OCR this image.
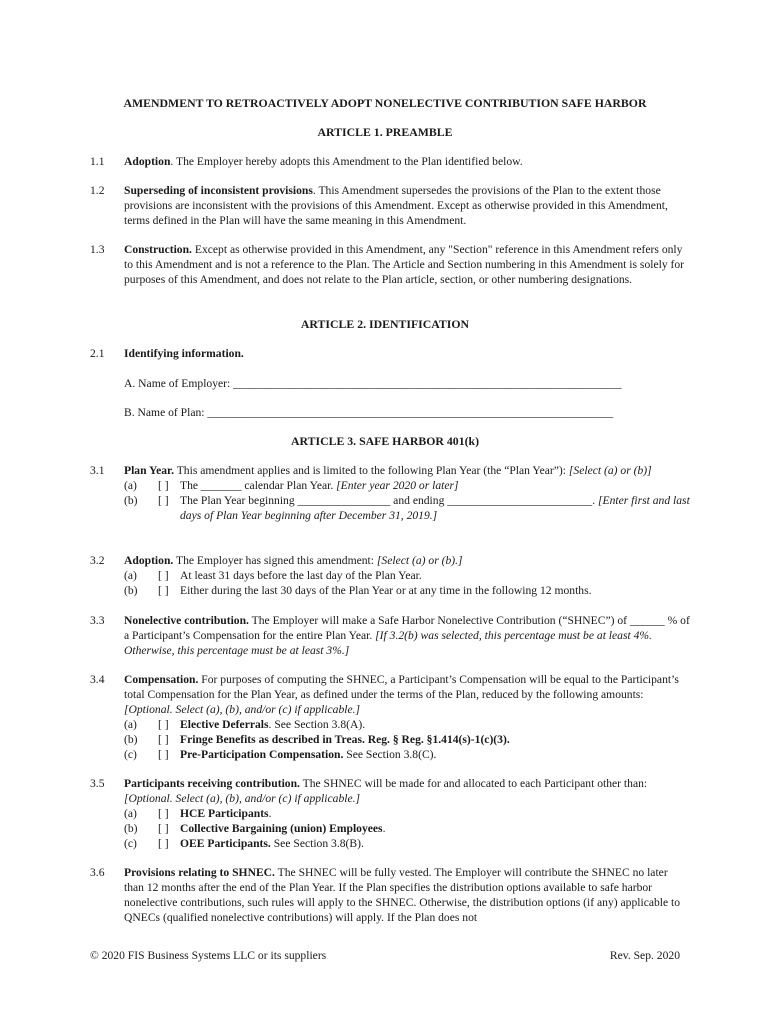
AMENDMENT TO RETROACTIVELY ADOPT NONELECTIVE CONTRIBUTION SAFE HARBOR
ARTICLE 1. PREAMBLE
1.1	Adoption. The Employer hereby adopts this Amendment to the Plan identified below.
1.2	Superseding of inconsistent provisions. This Amendment supersedes the provisions of the Plan to the extent those provisions are inconsistent with the provisions of this Amendment. Except as otherwise provided in this Amendment, terms defined in the Plan will have the same meaning in this Amendment.
1.3	Construction. Except as otherwise provided in this Amendment, any "Section" reference in this Amendment refers only to this Amendment and is not a reference to the Plan. The Article and Section numbering in this Amendment is solely for purposes of this Amendment, and does not relate to the Plan article, section, or other numbering designations.
ARTICLE 2. IDENTIFICATION
2.1	Identifying information.
A. Name of Employer: ___________________________________________________________________
B. Name of Plan: ______________________________________________________________________
ARTICLE 3. SAFE HARBOR 401(k)
3.1	Plan Year. This amendment applies and is limited to the following Plan Year (the “Plan Year”): [Select (a) or (b)]
(a)	[ ] The _______ calendar Plan Year. [Enter year 2020 or later]
(b)	[ ] The Plan Year beginning ________________ and ending _________________________. [Enter first and last days of Plan Year beginning after December 31, 2019.]
3.2	Adoption. The Employer has signed this amendment: [Select (a) or (b).]
(a)	[ ] At least 31 days before the last day of the Plan Year.
(b)	[ ] Either during the last 30 days of the Plan Year or at any time in the following 12 months.
3.3	Nonelective contribution. The Employer will make a Safe Harbor Nonelective Contribution (“SHNEC”) of ______ % of a Participant’s Compensation for the entire Plan Year. [If 3.2(b) was selected, this percentage must be at least 4%. Otherwise, this percentage must be at least 3%.]
3.4	Compensation. For purposes of computing the SHNEC, a Participant’s Compensation will be equal to the Participant’s total Compensation for the Plan Year, as defined under the terms of the Plan, reduced by the following amounts: [Optional. Select (a), (b), and/or (c) if applicable.]
(a)	[ ] Elective Deferrals. See Section 3.8(A).
(b)	[ ] Fringe Benefits as described in Treas. Reg. § Reg. §1.414(s)-1(c)(3).
(c)	[ ] Pre-Participation Compensation. See Section 3.8(C).
3.5	Participants receiving contribution. The SHNEC will be made for and allocated to each Participant other than: [Optional. Select (a), (b), and/or (c) if applicable.]
(a)	[ ] HCE Participants.
(b)	[ ] Collective Bargaining (union) Employees.
(c)	[ ] OEE Participants. See Section 3.8(B).
3.6	Provisions relating to SHNEC. The SHNEC will be fully vested. The Employer will contribute the SHNEC no later than 12 months after the end of the Plan Year. If the Plan specifies the distribution options available to safe harbor nonelective contributions, such rules will apply to the SHNEC. Otherwise, the distribution options (if any) applicable to QNECs (qualified nonelective contributions) will apply. If the Plan does not
© 2020 FIS Business Systems LLC or its suppliers	Rev. Sep. 2020
